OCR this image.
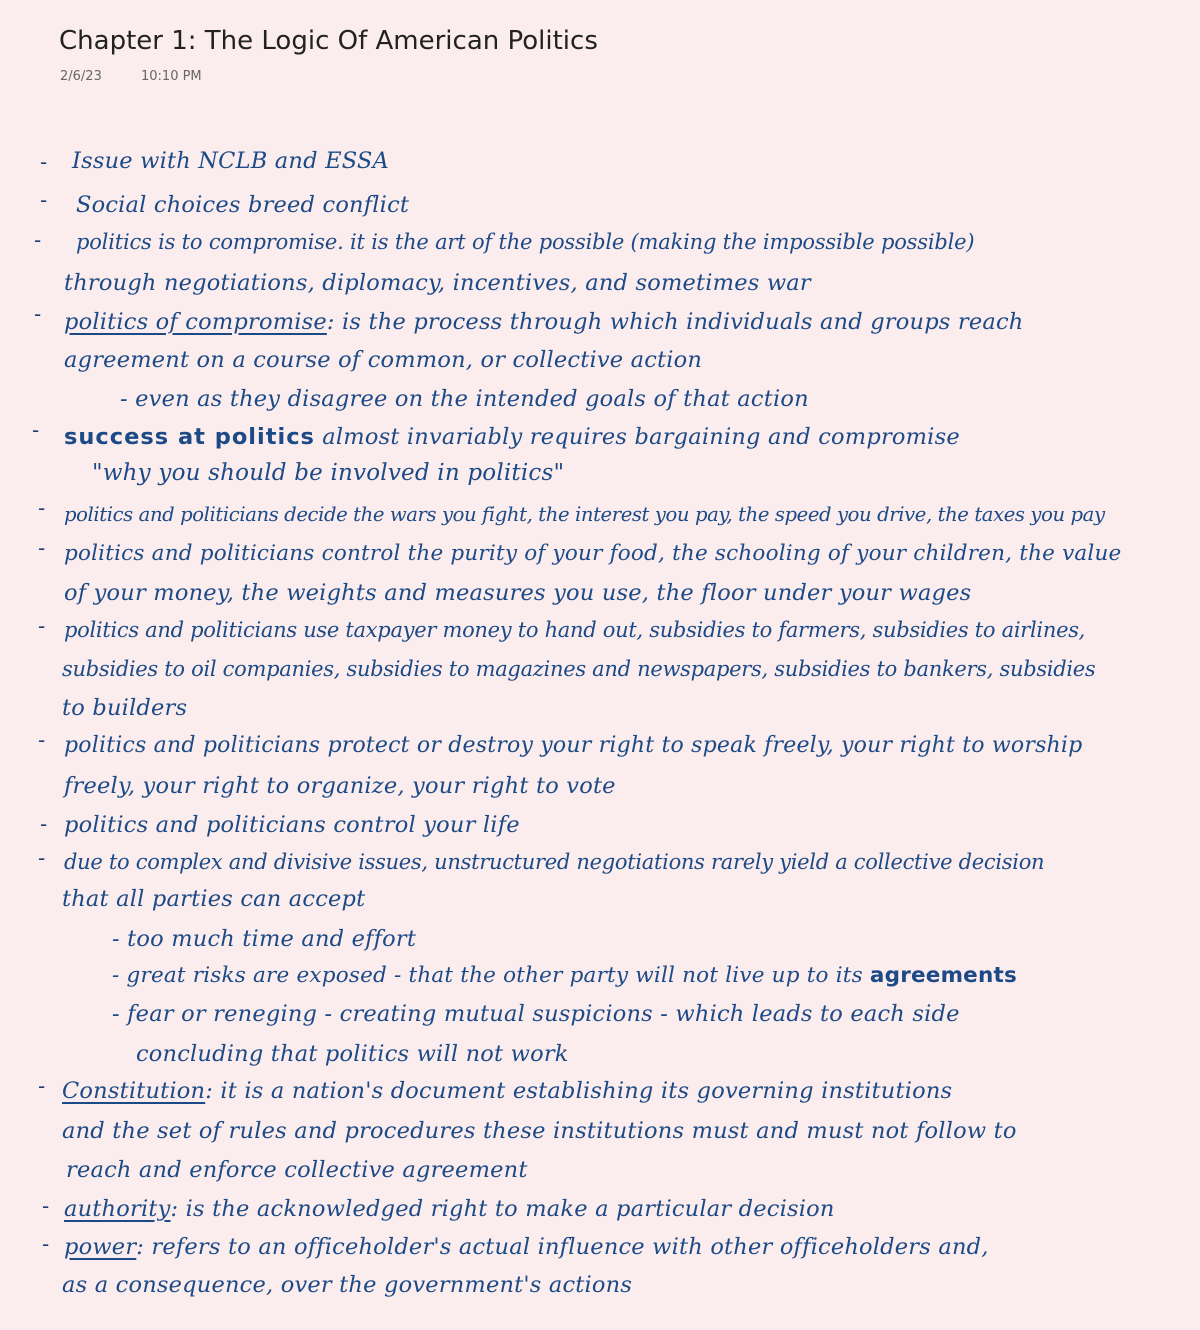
Chapter 1: The Logic Of American Politics
2/6/23	10:10 PM
- Issue with NCLB and ESSA
- Social choices breed conflict
- politics is to compromise. it is the art of the possible (making the impossible possible)
through negotiations, diplomacy, incentives, and sometimes war
- politics of compromise: is the process through which individuals and groups reach
agreement on a course of common, or collective action
- even as they disagree on the intended goals of that action
- success at politics almost invariably requires bargaining and compromise
"why you should be involved in politics"
- politics and politicians decide the wars you fight, the interest you pay, the speed you drive, the taxes you pay
- politics and politicians control the purity of your food, the schooling of your children, the value
of your money, the weights and measures you use, the floor under your wages
- politics and politicians use taxpayer money to hand out, subsidies to farmers, subsidies to airlines,
subsidies to oil companies, subsidies to magazines and newspapers, subsidies to bankers, subsidies
to builders
- politics and politicians protect or destroy your right to speak freely, your right to worship
freely, your right to organize, your right to vote
- politics and politicians control your life
- due to complex and divisive issues, unstructured negotiations rarely yield a collective decision
that all parties can accept
- too much time and effort
- great risks are exposed - that the other party will not live up to its agreements
- fear or reneging - creating mutual suspicions - which leads to each side
concluding that politics will not work
- Constitution: it is a nation's document establishing its governing institutions
and the set of rules and procedures these institutions must and must not follow to
reach and enforce collective agreement
- authority: is the acknowledged right to make a particular decision
- power: refers to an officeholder's actual influence with other officeholders and,
as a consequence, over the government's actions
